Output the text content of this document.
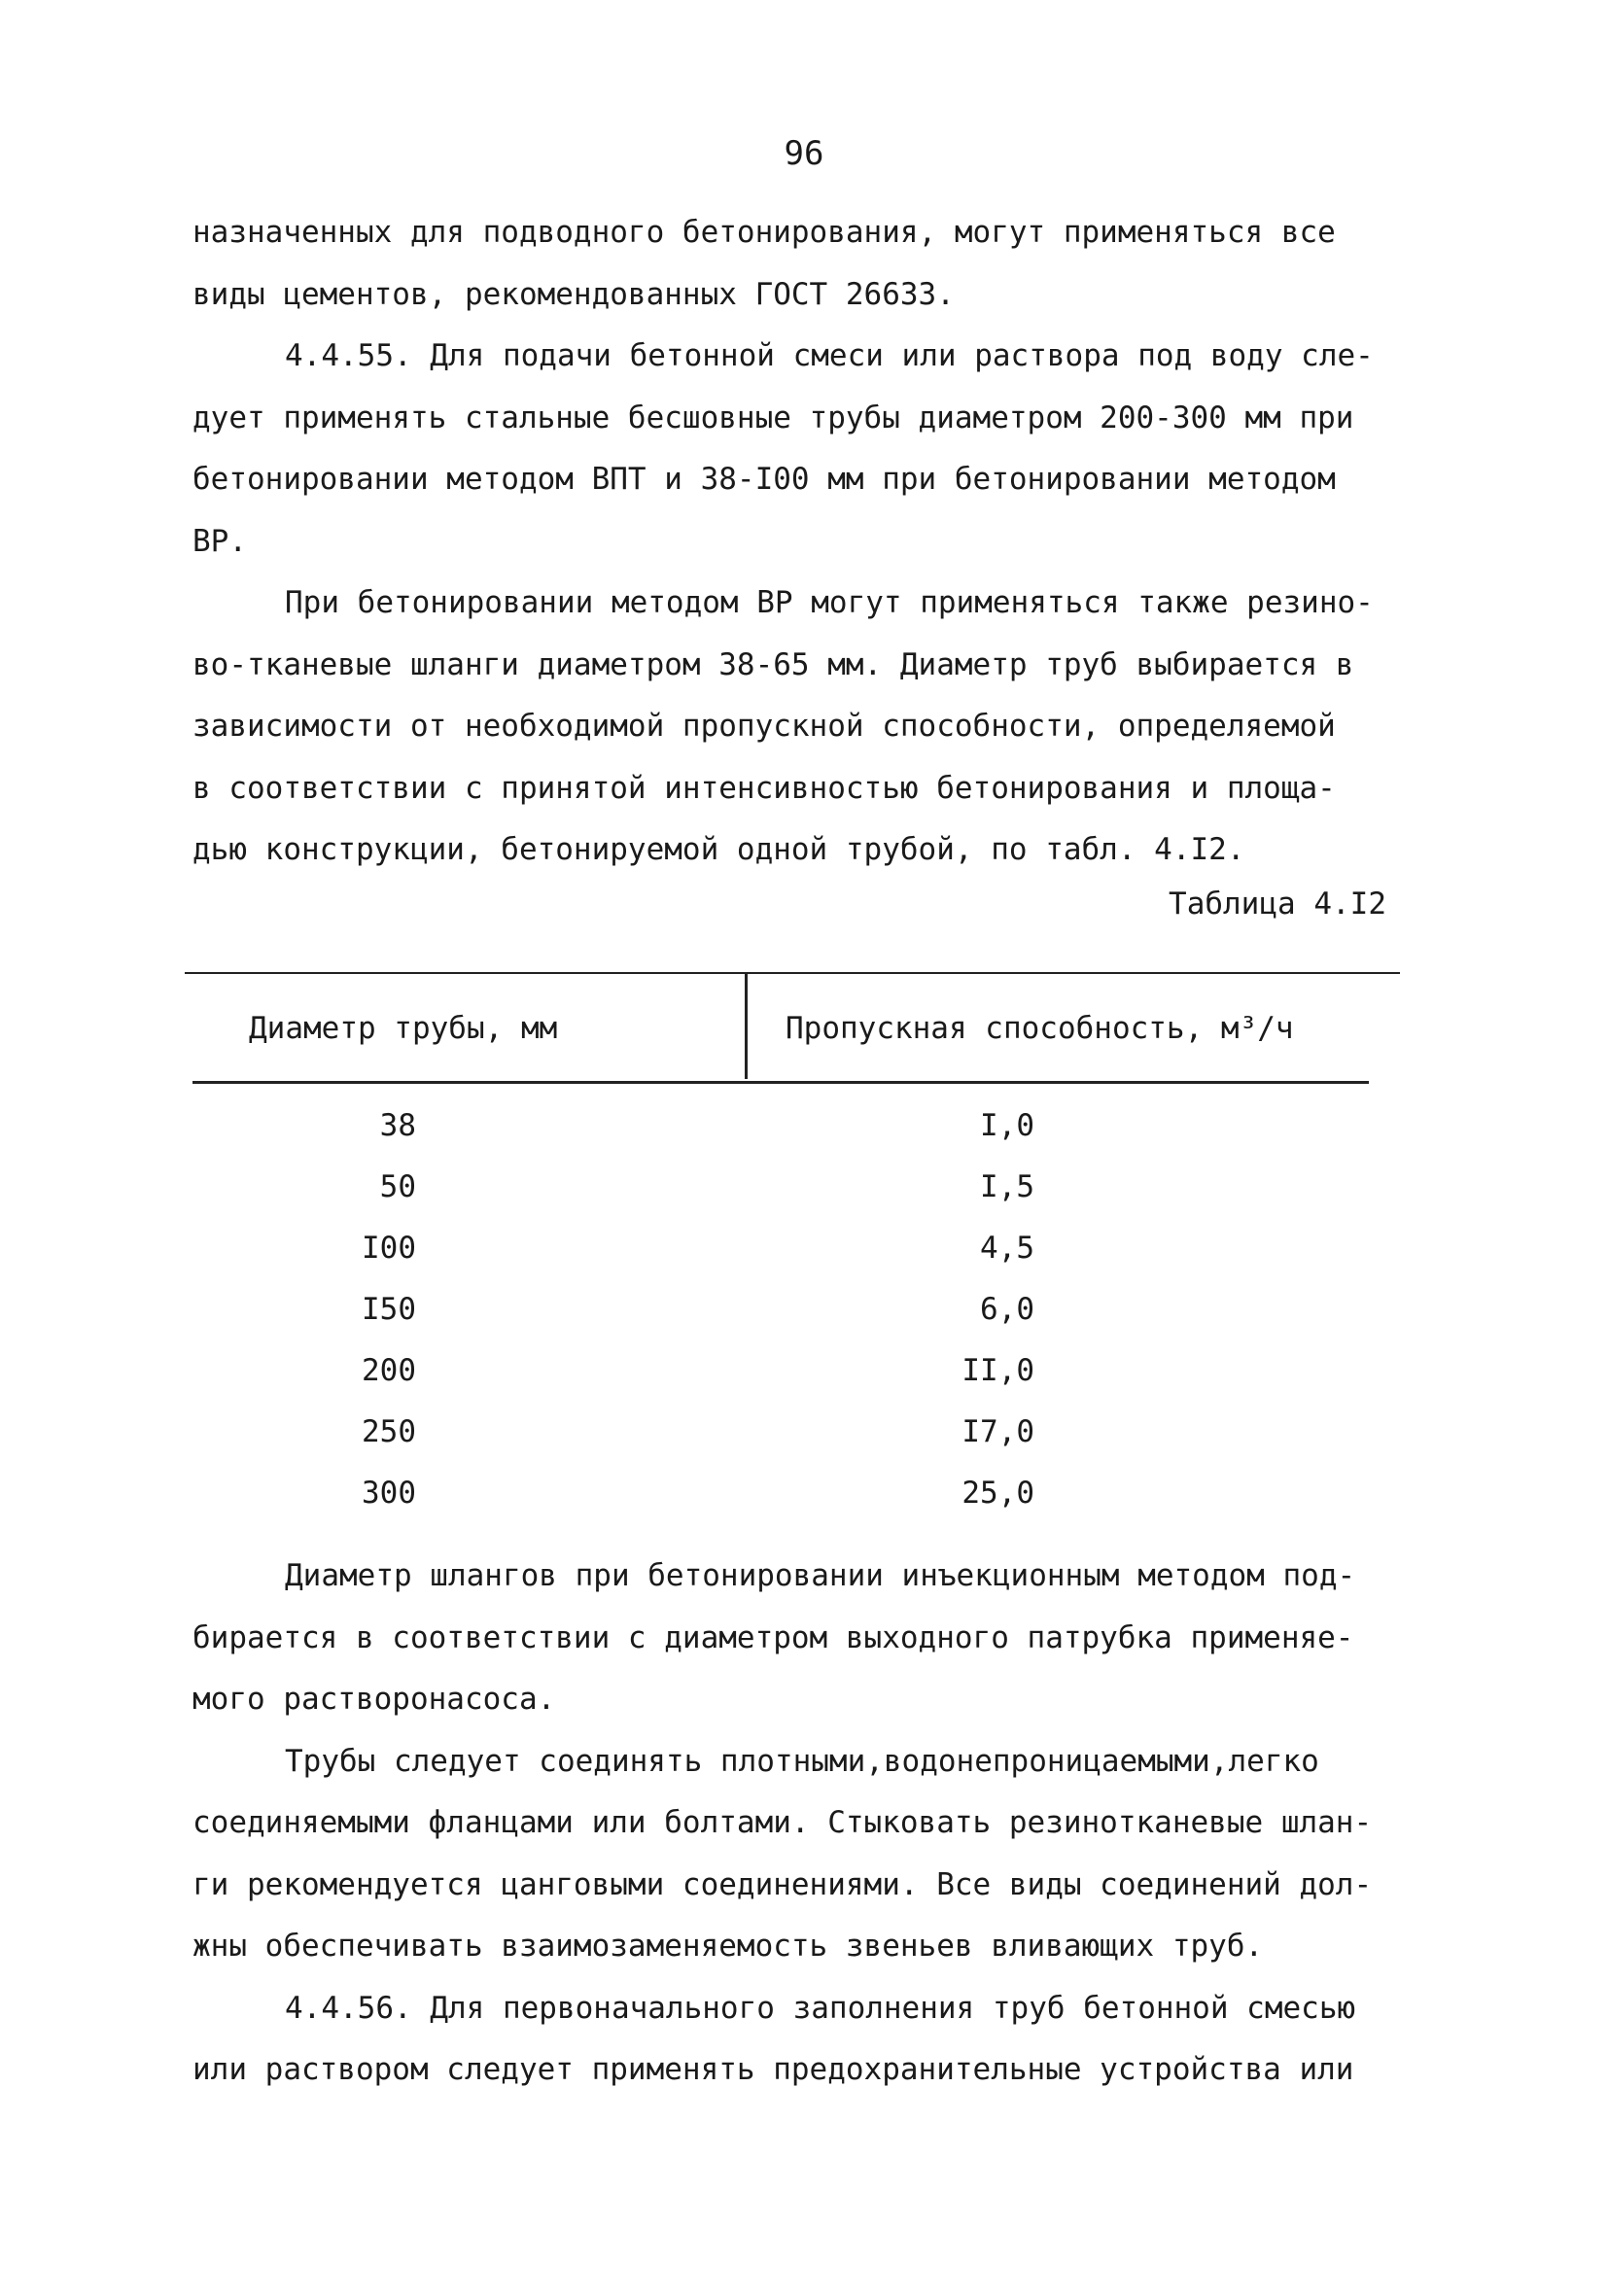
96
назначенных для подводного бетонирования, могут применяться все
виды цементов, рекомендованных ГОСТ 26633.
4.4.55. Для подачи бетонной смеси или раствора под воду сле-
дует применять стальные бесшовные трубы диаметром 200-300 мм при
бетонировании методом ВПТ и 38-I00 мм при бетонировании методом
ВР.
При бетонировании методом ВР могут применяться также резино-
во-тканевые шланги диаметром 38-65 мм. Диаметр труб выбирается в
зависимости от необходимой пропускной способности, определяемой
в соответствии с принятой интенсивностью бетонирования и площа-
дью конструкции, бетонируемой одной трубой, по табл. 4.I2.
Таблица 4.I2
Диаметр трубы, мм	Пропускная способность, м³/ч
38	I,0
50	I,5
I00	4,5
I50	6,0
200	II,0
250	I7,0
300	25,0
Диаметр шлангов при бетонировании инъекционным методом под-
бирается в соответствии с диаметром выходного патрубка применяе-
мого растворонасоса.
Трубы следует соединять плотными,водонепроницаемыми,легко
соединяемыми фланцами или болтами. Стыковать резинотканевые шлан-
ги рекомендуется цанговыми соединениями. Все виды соединений дол-
жны обеспечивать взаимозаменяемость звеньев вливающих труб.
4.4.56. Для первоначального заполнения труб бетонной смесью
или раствором следует применять предохранительные устройства или
